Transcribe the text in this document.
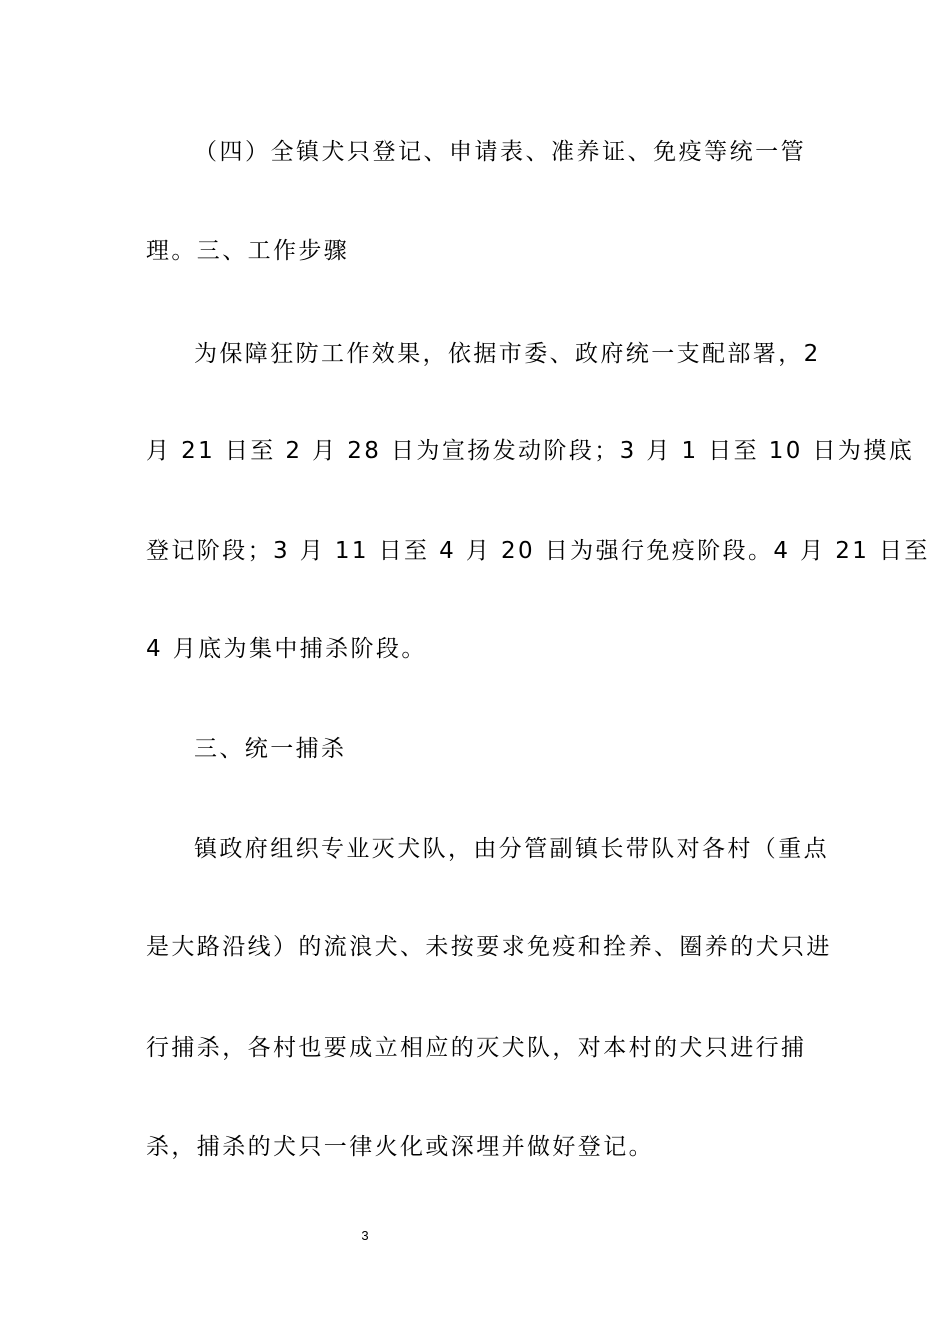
（四）全镇犬只登记、申请表、准养证、免疫等统一管
理。三、工作步骤
为保障狂防工作效果，依据市委、政府统一支配部署，2
月 21 日至 2 月 28 日为宣扬发动阶段；3 月 1 日至 10 日为摸底
登记阶段；3 月 11 日至 4 月 20 日为强行免疫阶段。4 月 21 日至
4 月底为集中捕杀阶段。
三、统一捕杀
镇政府组织专业灭犬队，由分管副镇长带队对各村（重点
是大路沿线）的流浪犬、未按要求免疫和拴养、圈养的犬只进
行捕杀，各村也要成立相应的灭犬队，对本村的犬只进行捕
杀，捕杀的犬只一律火化或深埋并做好登记。
3
